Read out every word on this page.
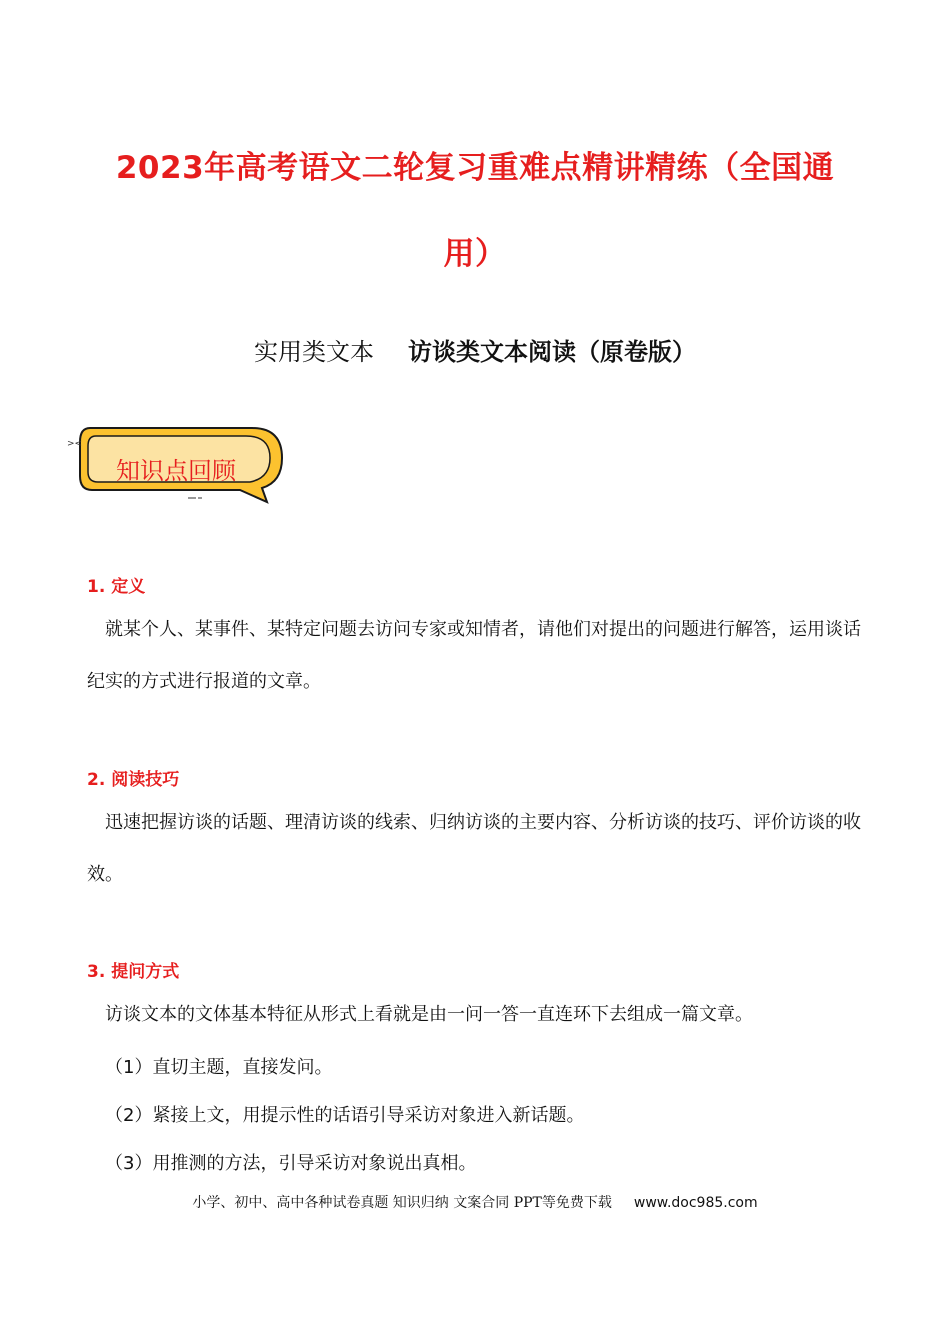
2023年高考语文二轮复习重难点精讲精练（全国通
用）
实用类文本 访谈类文本阅读（原卷版）
><
知识点回顾
1. 定义

就某个人、某事件、某特定问题去访问专家或知情者，请他们对提出的问题进行解答，运用谈话纪实的方式进行报道的文章。

2. 阅读技巧

迅速把握访谈的话题、理清访谈的线索、归纳访谈的主要内容、分析访谈的技巧、评价访谈的收效。

3. 提问方式

访谈文本的文体基本特征从形式上看就是由一问一答一直连环下去组成一篇文章。

（1）直切主题，直接发问。
（2）紧接上文，用提示性的话语引导采访对象进入新话题。
（3）用推测的方法，引导采访对象说出真相。
小学、初中、高中各种试卷真题 知识归纳 文案合同 PPT等免费下载 www.doc985.com
